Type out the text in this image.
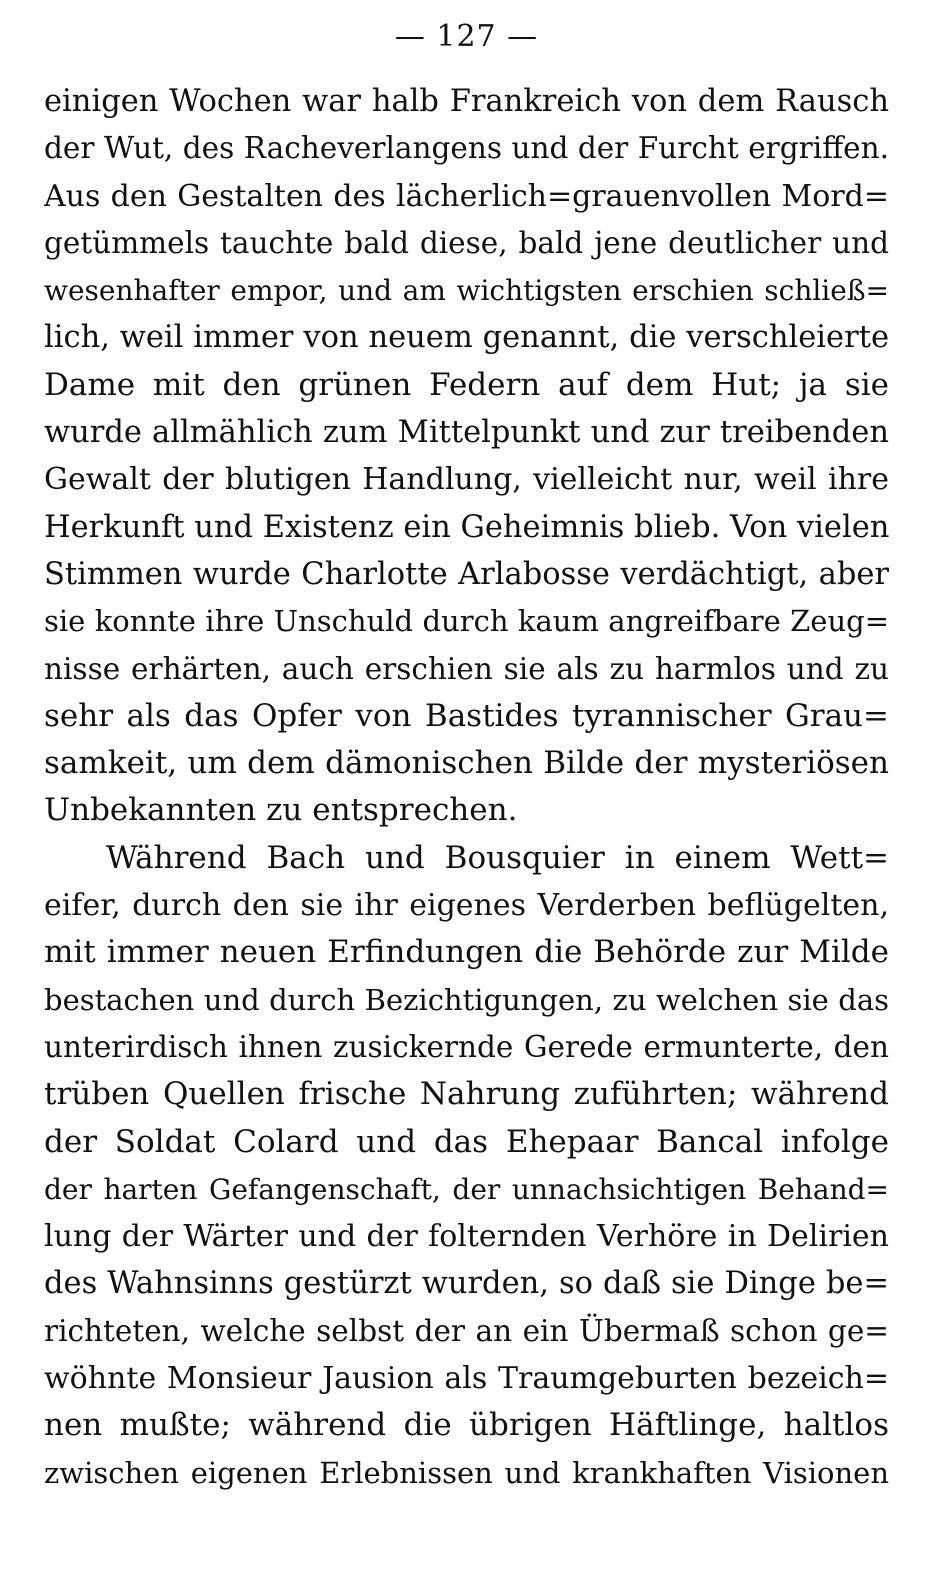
— 127 —
einigen Wochen war halb Frankreich von dem Rausch
der Wut, des Racheverlangens und der Furcht ergriffen.
Aus den Gestalten des lächerlich=grauenvollen Mord=
getümmels tauchte bald diese, bald jene deutlicher und
wesenhafter empor, und am wichtigsten erschien schließ=
lich, weil immer von neuem genannt, die verschleierte
Dame mit den grünen Federn auf dem Hut; ja sie
wurde allmählich zum Mittelpunkt und zur treibenden
Gewalt der blutigen Handlung, vielleicht nur, weil ihre
Herkunft und Existenz ein Geheimnis blieb. Von vielen
Stimmen wurde Charlotte Arlabosse verdächtigt, aber
sie konnte ihre Unschuld durch kaum angreifbare Zeug=
nisse erhärten, auch erschien sie als zu harmlos und zu
sehr als das Opfer von Bastides tyrannischer Grau=
samkeit, um dem dämonischen Bilde der mysteriösen
Unbekannten zu entsprechen.
Während Bach und Bousquier in einem Wett=
eifer, durch den sie ihr eigenes Verderben beflügelten,
mit immer neuen Erfindungen die Behörde zur Milde
bestachen und durch Bezichtigungen, zu welchen sie das
unterirdisch ihnen zusickernde Gerede ermunterte, den
trüben Quellen frische Nahrung zuführten; während
der Soldat Colard und das Ehepaar Bancal infolge
der harten Gefangenschaft, der unnachsichtigen Behand=
lung der Wärter und der folternden Verhöre in Delirien
des Wahnsinns gestürzt wurden, so daß sie Dinge be=
richteten, welche selbst der an ein Übermaß schon ge=
wöhnte Monsieur Jausion als Traumgeburten bezeich=
nen mußte; während die übrigen Häftlinge, haltlos
zwischen eigenen Erlebnissen und krankhaften Visionen
